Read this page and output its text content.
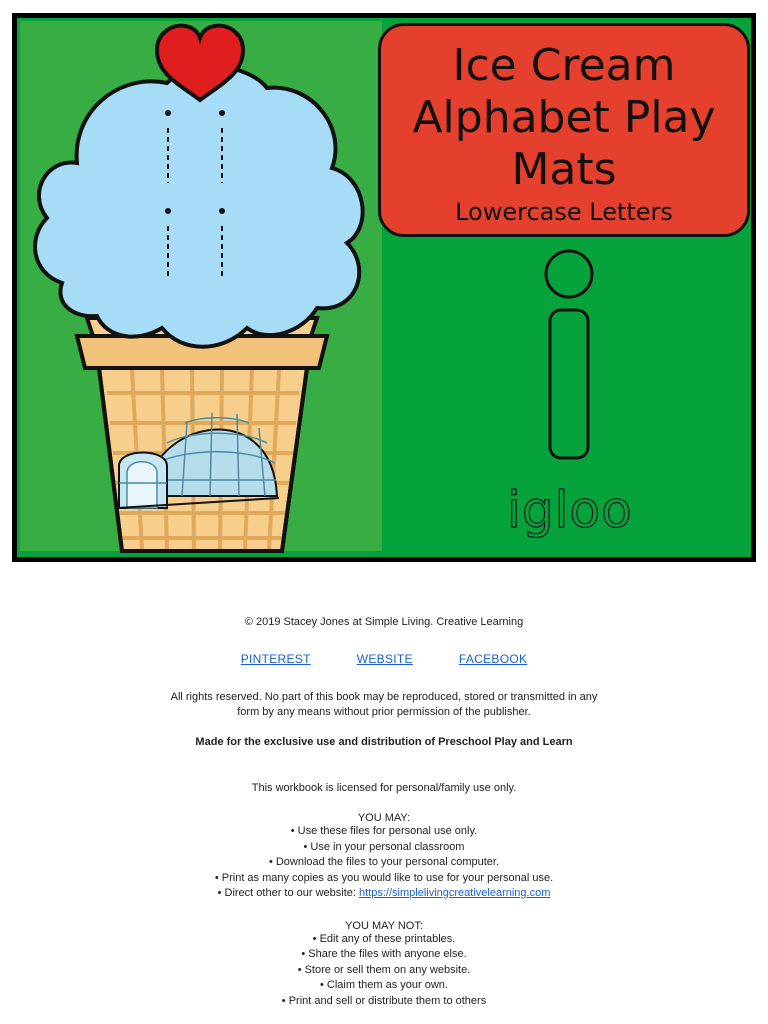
Ice Cream
Alphabet Play
Mats
Lowercase Letters
igloo
© 2019 Stacey Jones at Simple Living. Creative Learning
PINTEREST	WEBSITE	FACEBOOK
All rights reserved. No part of this book may be reproduced, stored or transmitted in any form by any means without prior permission of the publisher.
Made for the exclusive use and distribution of Preschool Play and Learn
This workbook is licensed for personal/family use only.
YOU MAY:
• Use these files for personal use only.
• Use in your personal classroom
• Download the files to your personal computer.
• Print as many copies as you would like to use for your personal use.
• Direct other to our website: https://simplelivingcreativelearning.com
YOU MAY NOT:
• Edit any of these printables.
• Share the files with anyone else.
• Store or sell them on any website.
• Claim them as your own.
• Print and sell or distribute them to others
